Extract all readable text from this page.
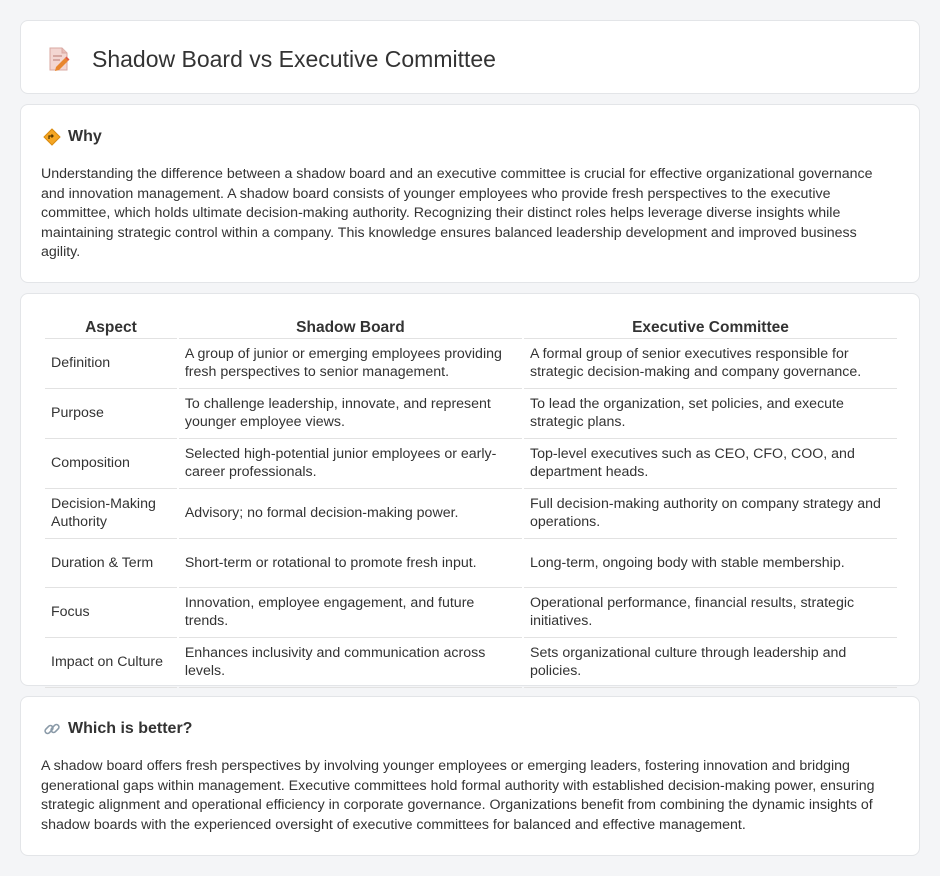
Shadow Board vs Executive Committee
Why

Understanding the difference between a shadow board and an executive committee is crucial for effective organizational governance and innovation management. A shadow board consists of younger employees who provide fresh perspectives to the executive committee, which holds ultimate decision-making authority. Recognizing their distinct roles helps leverage diverse insights while maintaining strategic control within a company. This knowledge ensures balanced leadership development and improved business agility.

Aspect	Shadow Board	Executive Committee
Definition	A group of junior or emerging employees providing fresh perspectives to senior management.	A formal group of senior executives responsible for strategic decision-making and company governance.
Purpose	To challenge leadership, innovate, and represent younger employee views.	To lead the organization, set policies, and execute strategic plans.
Composition	Selected high-potential junior employees or early-career professionals.	Top-level executives such as CEO, CFO, COO, and department heads.
Decision-Making Authority	Advisory; no formal decision-making power.	Full decision-making authority on company strategy and operations.
Duration & Term	Short-term or rotational to promote fresh input.	Long-term, ongoing body with stable membership.
Focus	Innovation, employee engagement, and future trends.	Operational performance, financial results, strategic initiatives.
Impact on Culture	Enhances inclusivity and communication across levels.	Sets organizational culture through leadership and policies.
Which is better?

A shadow board offers fresh perspectives by involving younger employees or emerging leaders, fostering innovation and bridging generational gaps within management. Executive committees hold formal authority with established decision-making power, ensuring strategic alignment and operational efficiency in corporate governance. Organizations benefit from combining the dynamic insights of shadow boards with the experienced oversight of executive committees for balanced and effective management.
